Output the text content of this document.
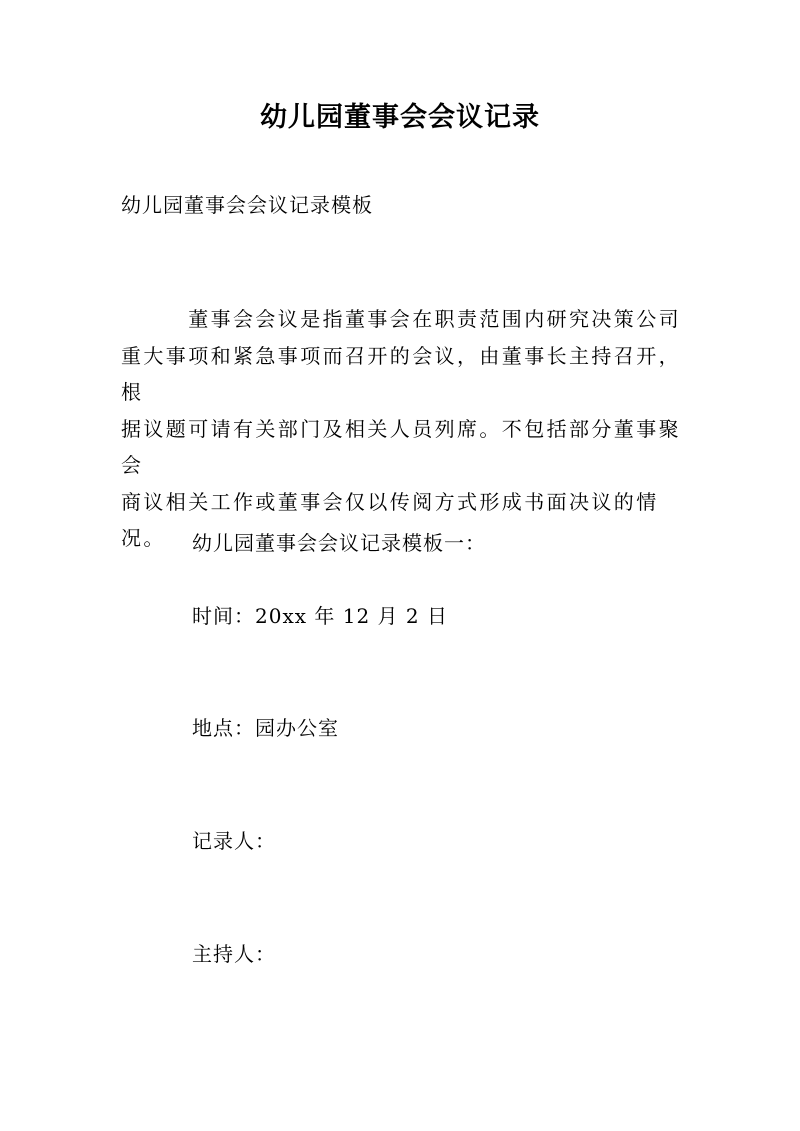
幼儿园董事会会议记录
幼儿园董事会会议记录模板
　　　董事会会议是指董事会在职责范围内研究决策公司
重大事项和紧急事项而召开的会议，由董事长主持召开，根
据议题可请有关部门及相关人员列席。不包括部分董事聚会
商议相关工作或董事会仅以传阅方式形成书面决议的情况。	幼儿园董事会会议记录模板一：
时间：20xx 年 12 月 2 日
地点：园办公室
记录人：
主持人：
